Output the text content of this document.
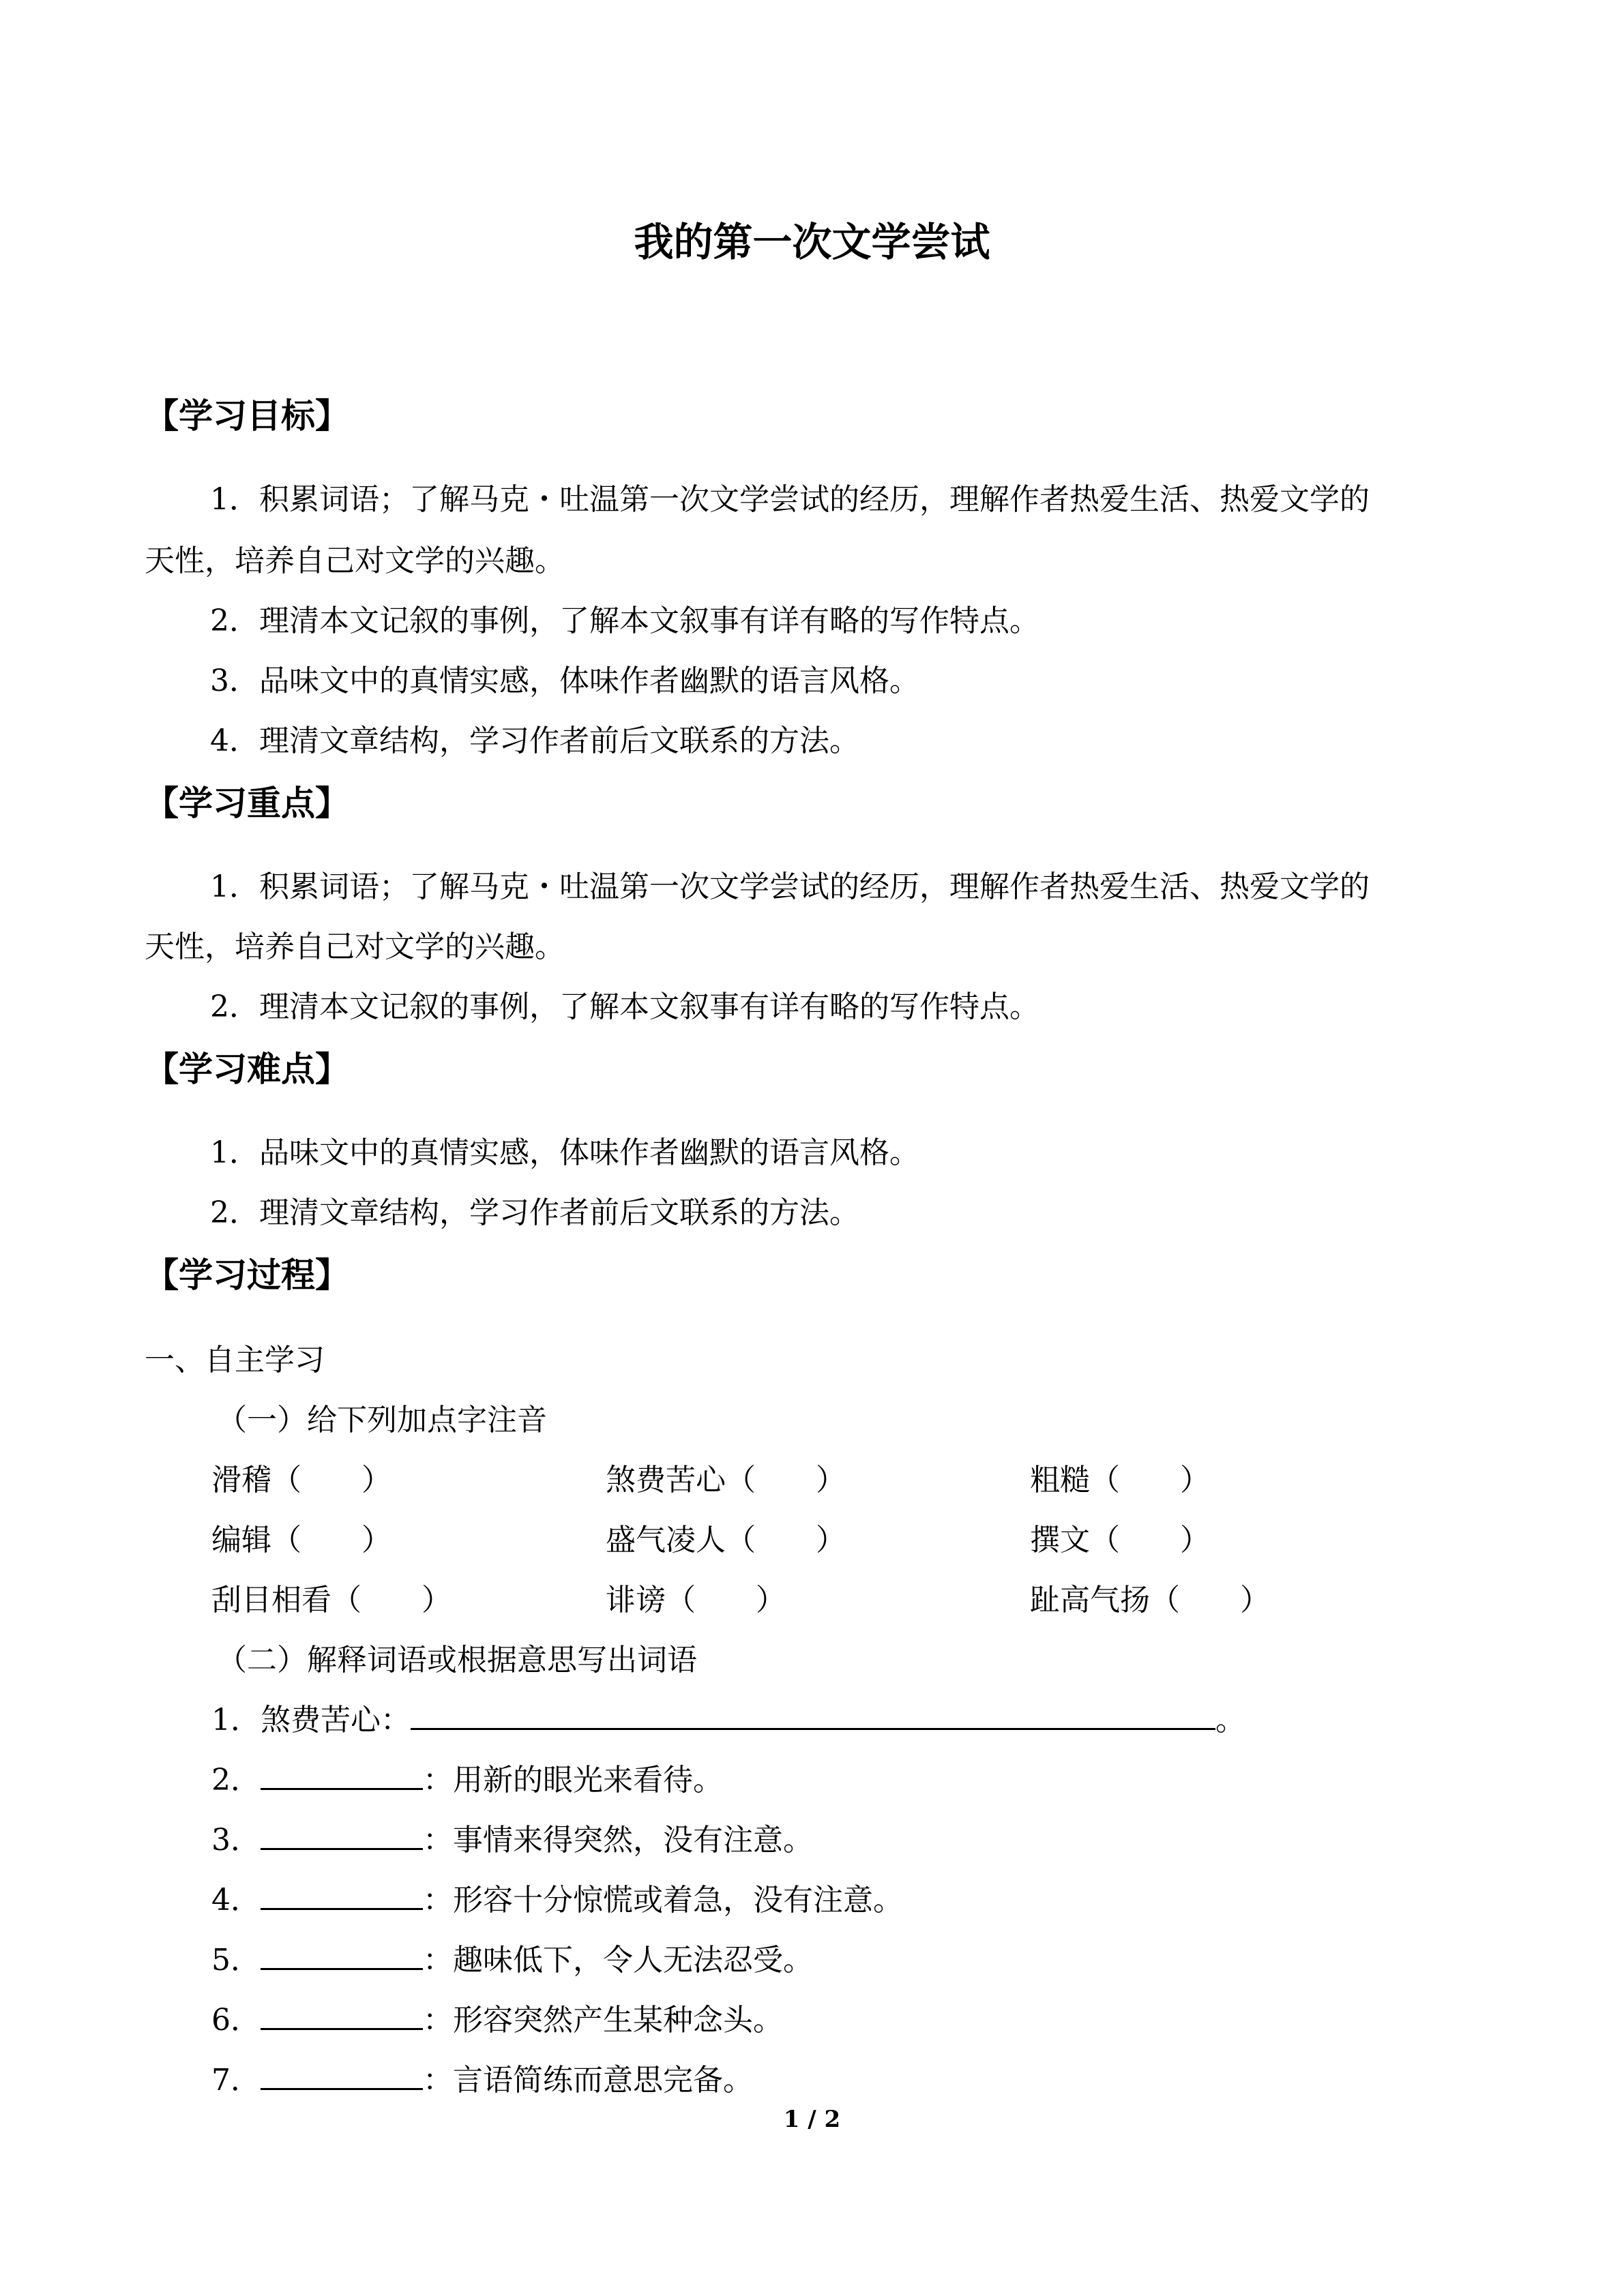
我的第一次文学尝试
【学习目标】
1．积累词语；了解马克・吐温第一次文学尝试的经历，理解作者热爱生活、热爱文学的
天性，培养自己对文学的兴趣。
2．理清本文记叙的事例，了解本文叙事有详有略的写作特点。
3．品味文中的真情实感，体味作者幽默的语言风格。
4．理清文章结构，学习作者前后文联系的方法。
【学习重点】
1．积累词语；了解马克・吐温第一次文学尝试的经历，理解作者热爱生活、热爱文学的
天性，培养自己对文学的兴趣。
2．理清本文记叙的事例，了解本文叙事有详有略的写作特点。
【学习难点】
1．品味文中的真情实感，体味作者幽默的语言风格。
2．理清文章结构，学习作者前后文联系的方法。
【学习过程】
一、自主学习
（一）给下列加点字注音
滑稽（　　）	煞费苦心（　　）	粗糙（　　）
编辑（　　）	盛气凌人（　　）	撰文（　　）
刮目相看（　　）	诽谤（　　）	趾高气扬（　　）
（二）解释词语或根据意思写出词语
1．煞费苦心：	。
2．	：用新的眼光来看待。
3．	：事情来得突然，没有注意。
4．	：形容十分惊慌或着急，没有注意。
5．	：趣味低下，令人无法忍受。
6．	：形容突然产生某种念头。
7．	：言语简练而意思完备。
1 / 2
